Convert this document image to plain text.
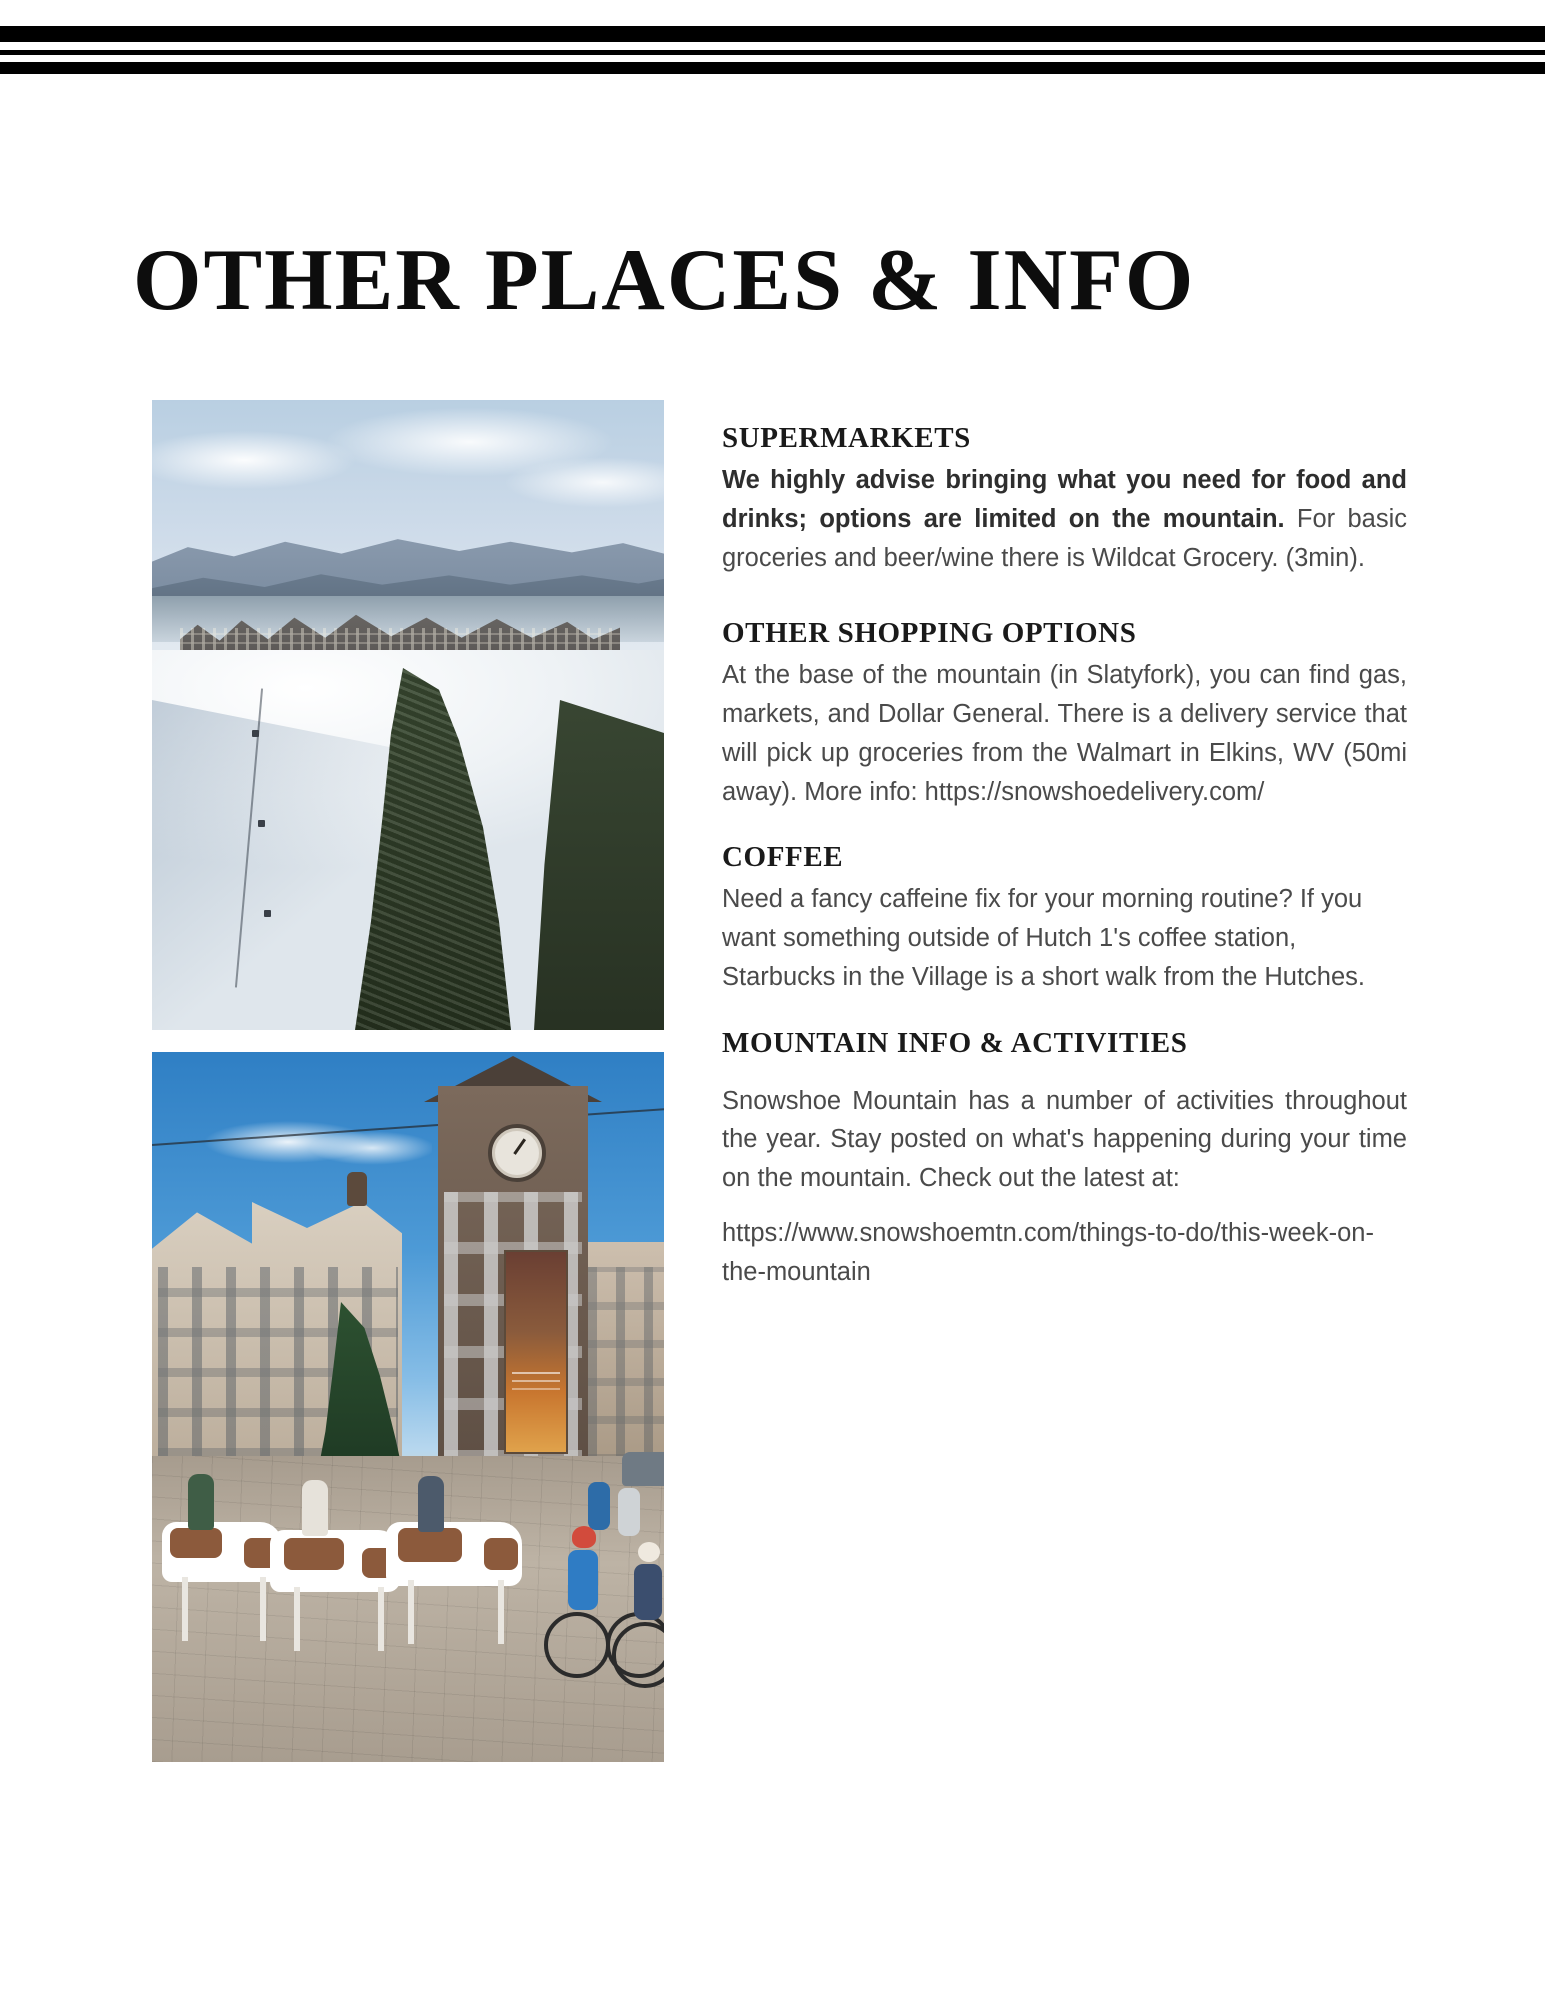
OTHER PLACES & INFO
SUPERMARKETS

We highly advise bringing what you need for food and drinks; options are limited on the mountain. For basic groceries and beer/wine there is Wildcat Grocery. (3min).

OTHER SHOPPING OPTIONS

At the base of the mountain (in Slatyfork), you can find gas, markets, and Dollar General. There is a delivery service that will pick up groceries from the Walmart in Elkins, WV (50mi away). More info: https://snowshoedelivery.com/

COFFEE

Need a fancy caffeine fix for your morning routine? If you want something outside of Hutch 1's coffee station, Starbucks in the Village is a short walk from the Hutches.

MOUNTAIN INFO & ACTIVITIES

Snowshoe Mountain has a number of activities throughout the year. Stay posted on what's happening during your time on the mountain. Check out the latest at:

https://www.snowshoemtn.com/things-to-do/this-week-on-the-mountain
